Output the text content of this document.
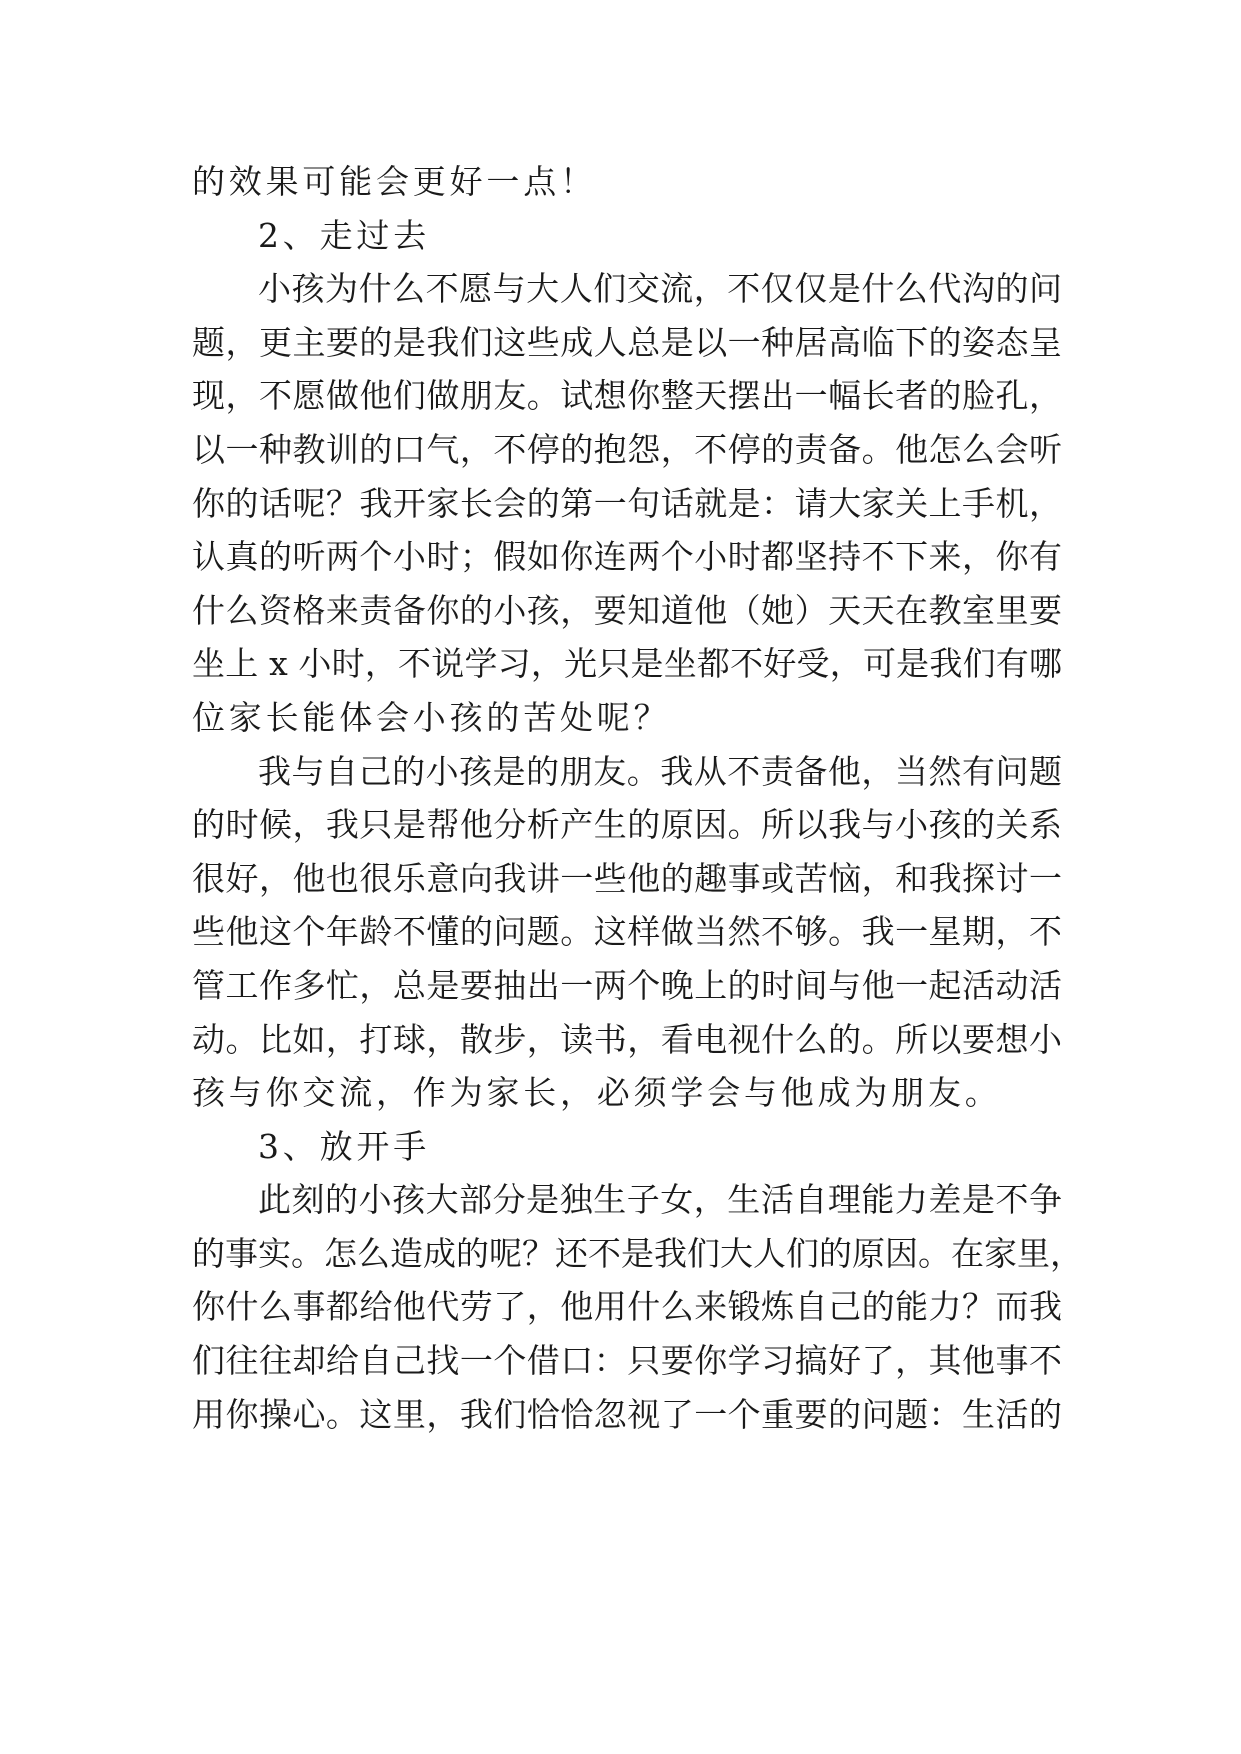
的效果可能会更好一点！
2、走过去
小孩为什么不愿与大人们交流，不仅仅是什么代沟的问
题，更主要的是我们这些成人总是以一种居高临下的姿态呈
现，不愿做他们做朋友。试想你整天摆出一幅长者的脸孔，
以一种教训的口气，不停的抱怨，不停的责备。他怎么会听
你的话呢？我开家长会的第一句话就是：请大家关上手机，
认真的听两个小时；假如你连两个小时都坚持不下来，你有
什么资格来责备你的小孩，要知道他（她）天天在教室里要
坐上 x 小时，不说学习，光只是坐都不好受，可是我们有哪
位家长能体会小孩的苦处呢？
我与自己的小孩是的朋友。我从不责备他，当然有问题
的时候，我只是帮他分析产生的原因。所以我与小孩的关系
很好，他也很乐意向我讲一些他的趣事或苦恼，和我探讨一
些他这个年龄不懂的问题。这样做当然不够。我一星期，不
管工作多忙，总是要抽出一两个晚上的时间与他一起活动活
动。比如，打球，散步，读书，看电视什么的。所以要想小
孩与你交流，作为家长，必须学会与他成为朋友。
3、放开手
此刻的小孩大部分是独生子女，生活自理能力差是不争
的事实。怎么造成的呢？还不是我们大人们的原因。在家里，
你什么事都给他代劳了，他用什么来锻炼自己的能力？而我
们往往却给自己找一个借口：只要你学习搞好了，其他事不
用你操心。这里，我们恰恰忽视了一个重要的问题：生活的
